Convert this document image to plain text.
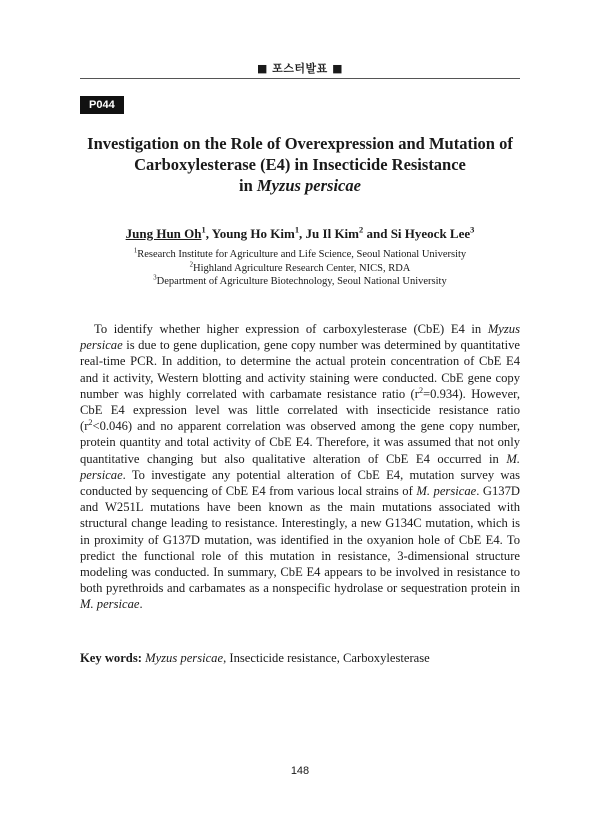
■ 포스터발표 ■
P044
Investigation on the Role of Overexpression and Mutation of
Carboxylesterase (E4) in Insecticide Resistance
in Myzus persicae
Jung Hun Oh$^1$, Young Ho Kim$^1$, Ju Il Kim$^2$ and Si Hyeock Lee$^3$
$^1$Research Institute for Agriculture and Life Science, Seoul National University
$^2$Highland Agriculture Research Center, NICS, RDA
$^3$Department of Agriculture Biotechnology, Seoul National University

To identify whether higher expression of carboxylesterase (CbE) E4 in Myzus persicae is due to gene duplication, gene copy number was determined by quantitative real-time PCR. In addition, to determine the actual protein concentration of CbE E4 and it activity, Western blotting and activity staining were conducted. CbE gene copy number was highly correlated with carbamate resistance ratio $(r^2=0.934)$. However, CbE E4 expression level was little correlated with insecticide resistance ratio $(r^2<0.046)$ and no apparent correlation was observed among the gene copy number, protein quantity and total activity of CbE E4. Therefore, it was assumed that not only quantitative changing but also qualitative alteration of CbE E4 occurred in M. persicae. To investigate any potential alteration of CbE E4, mutation survey was conducted by sequencing of CbE E4 from various local strains of M. persicae. G137D and W251L mutations have been known as the main mutations associated with structural change leading to resistance. Interestingly, a new G134C mutation, which is in proximity of G137D mutation, was identified in the oxyanion hole of CbE E4. To predict the functional role of this mutation in resistance, 3-dimensional structure modeling was conducted. In summary, CbE E4 appears to be involved in resistance to both pyrethroids and carbamates as a nonspecific hydrolase or sequestration protein in M. persicae.

Key words: Myzus persicae, Insecticide resistance, Carboxylesterase
148
